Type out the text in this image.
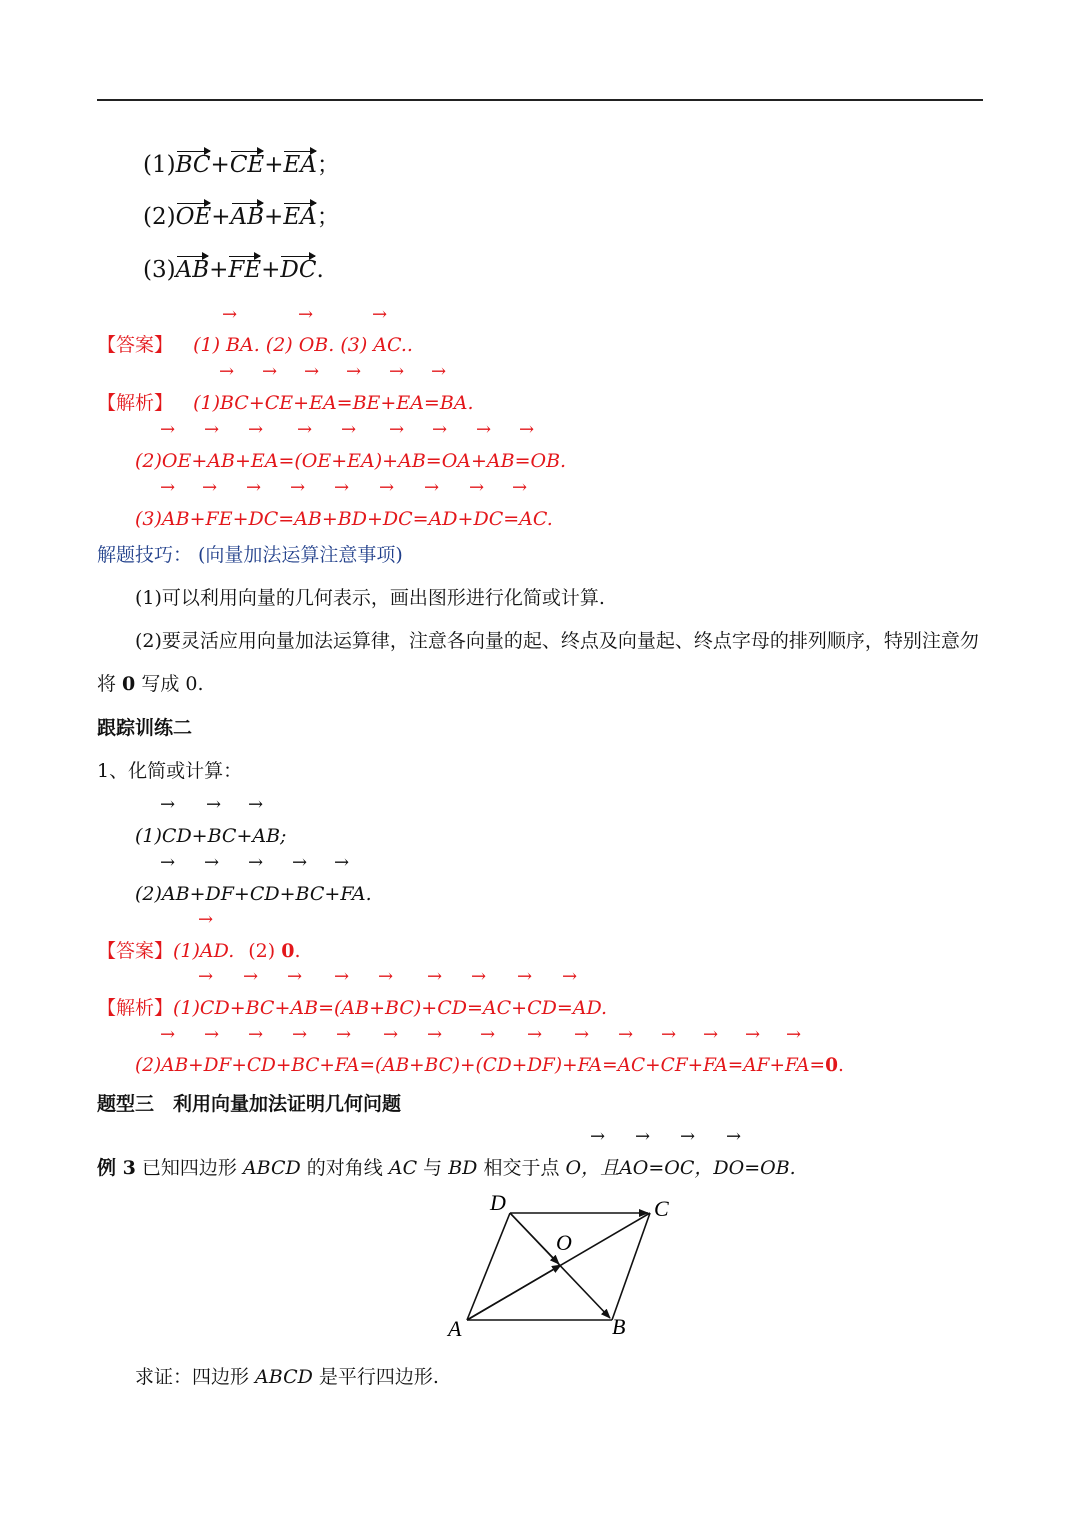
(1)BC+CE+EA；
(2)OE+AB+EA；
(3)AB+FE+DC.
→	→	→
【答案】 (1) BA. (2) OB. (3) AC..
→ → → → → →
【解析】 (1)BC+CE+EA=BE+EA=BA.
→ → → → → → → → →
(2)OE+AB+EA=(OE+EA)+AB=OA+AB=OB.
→ → → → → → → → →
(3)AB+FE+DC=AB+BD+DC=AD+DC=AC.
解题技巧： (向量加法运算注意事项)
(1)可以利用向量的几何表示，画出图形进行化简或计算.
(2)要灵活应用向量加法运算律，注意各向量的起、终点及向量起、终点字母的排列顺序，特别注意勿
将 0 写成 0.
跟踪训练二
1、化简或计算：
→ → →
(1)CD+BC+AB;
→ → → → →
(2)AB+DF+CD+BC+FA.
→
【答案】(1)AD. (2) 0.
→ → → → → → → → →
【解析】(1)CD+BC+AB=(AB+BC)+CD=AC+CD=AD.
→ → → → → → → → → → → → → → →
(2)AB+DF+CD+BC+FA=(AB+BC)+(CD+DF)+FA=AC+CF+FA=AF+FA=0.
题型三　利用向量加法证明几何问题
→ → → →
例 3 已知四边形 ABCD 的对角线 AC 与 BD 相交于点 O，且AO=OC，DO=OB.
D	C
O
A	B
求证：四边形 ABCD 是平行四边形.
